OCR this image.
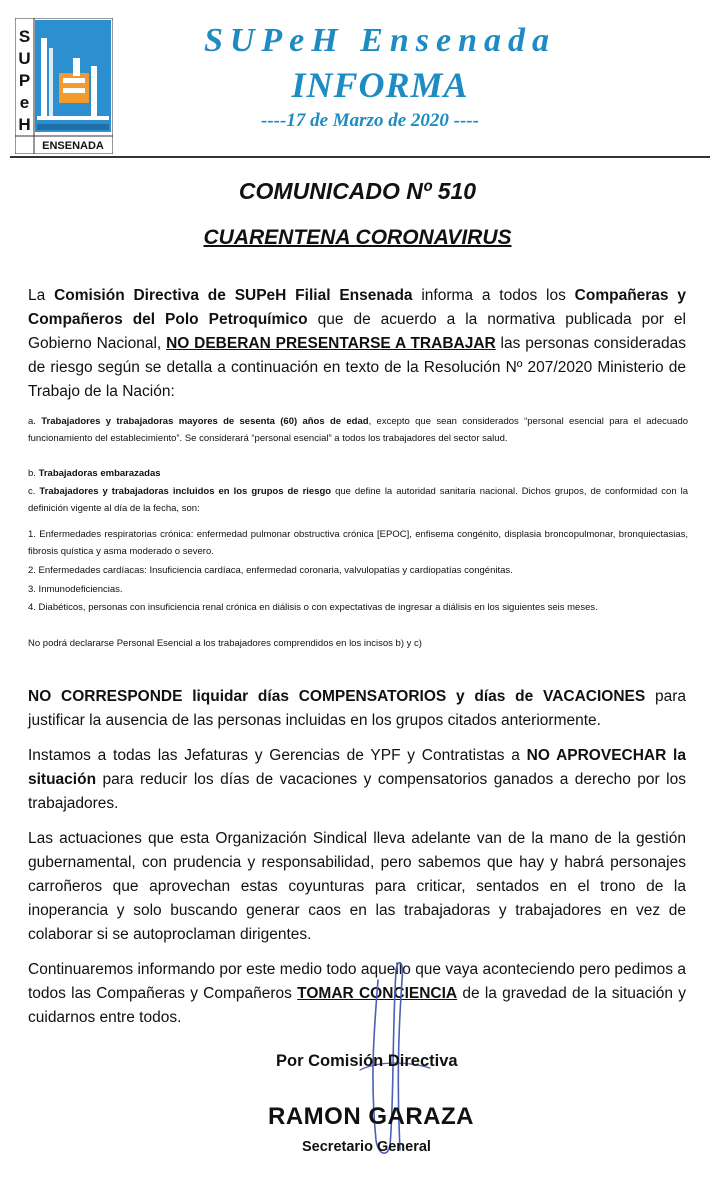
S
U
P
e
H
ENSENADA
SUPeH Ensenada
INFORMA
----17 de Marzo de 2020 ----
COMUNICADO Nº 510
CUARENTENA CORONAVIRUS
La Comisión Directiva de SUPeH Filial Ensenada informa a todos los Compañeras y Compañeros del Polo Petroquímico que de acuerdo a la normativa publicada por el Gobierno Nacional, NO DEBERAN PRESENTARSE A TRABAJAR las personas consideradas de riesgo según se detalla a continuación en texto de la Resolución Nº 207/2020 Ministerio de Trabajo de la Nación:
a. Trabajadores y trabajadoras mayores de sesenta (60) años de edad, excepto que sean considerados “personal esencial para el adecuado funcionamiento del establecimiento”. Se considerará “personal esencial” a todos los trabajadores del sector salud.
b. Trabajadoras embarazadas
c. Trabajadores y trabajadoras incluidos en los grupos de riesgo que define la autoridad sanitaria nacional. Dichos grupos, de conformidad con la definición vigente al día de la fecha, son:
1. Enfermedades respiratorias crónica: enfermedad pulmonar obstructiva crónica [EPOC], enfisema congénito, displasia broncopulmonar, bronquiectasias, fibrosis quística y asma moderado o severo.
2. Enfermedades cardíacas: Insuficiencia cardíaca, enfermedad coronaria, valvulopatías y cardiopatías congénitas.
3. Inmunodeficiencias.
4. Diabéticos, personas con insuficiencia renal crónica en diálisis o con expectativas de ingresar a diálisis en los siguientes seis meses.
No podrá declararse Personal Esencial a los trabajadores comprendidos en los incisos b) y c)
NO CORRESPONDE liquidar días COMPENSATORIOS y días de VACACIONES para justificar la ausencia de las personas incluidas en los grupos citados anteriormente.
Instamos a todas las Jefaturas y Gerencias de YPF y Contratistas a NO APROVECHAR la situación para reducir los días de vacaciones y compensatorios ganados a derecho por los trabajadores.
Las actuaciones que esta Organización Sindical lleva adelante van de la mano de la gestión gubernamental, con prudencia y responsabilidad, pero sabemos que hay y habrá personajes carroñeros que aprovechan estas coyunturas para criticar, sentados en el trono de la inoperancia y solo buscando generar caos en las trabajadoras y trabajadores en vez de colaborar si se autoproclaman dirigentes.
Continuaremos informando por este medio todo aquello que vaya aconteciendo pero pedimos a todos las Compañeras y Compañeros TOMAR CONCIENCIA de la gravedad de la situación y cuidarnos entre todos.
Por Comisión Directiva
RAMON GARAZA
Secretario General
